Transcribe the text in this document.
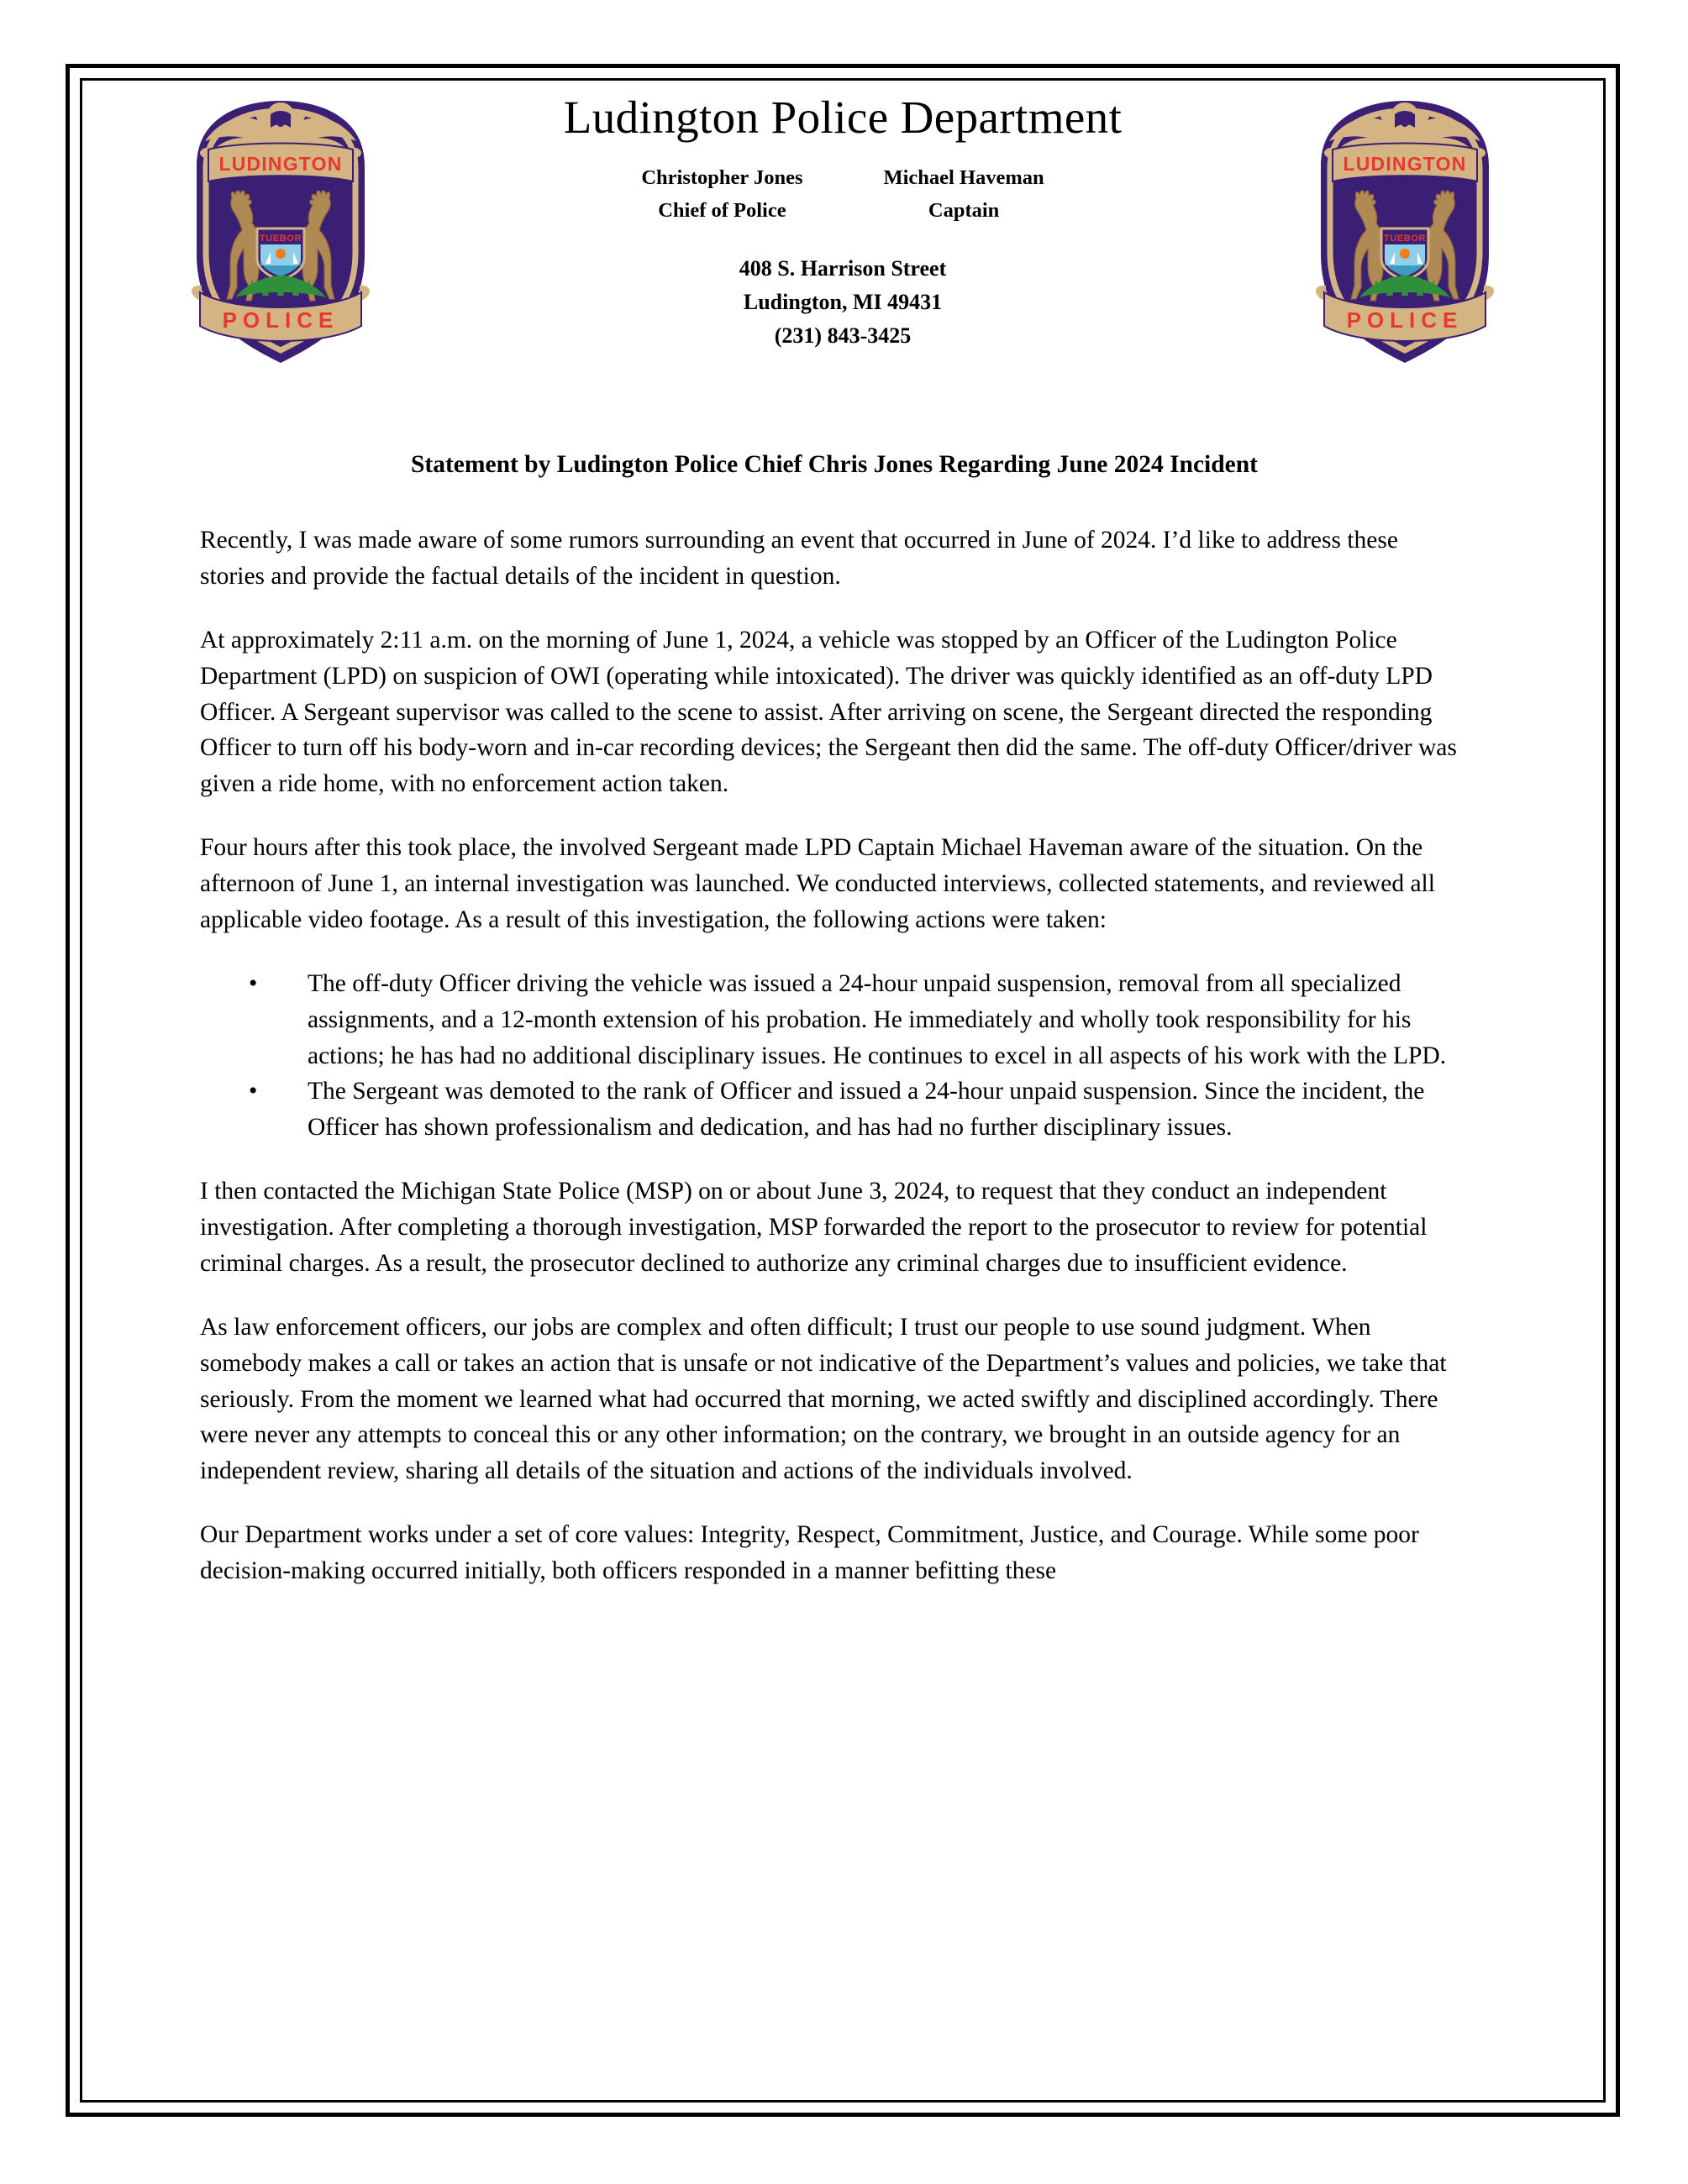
Ludington Police Department
Christopher Jones
Chief of Police
Michael Haveman
Captain
408 S. Harrison Street
Ludington, MI 49431
(231) 843-3425
Statement by Ludington Police Chief Chris Jones Regarding June 2024 Incident

Recently, I was made aware of some rumors surrounding an event that occurred in June of 2024. I’d like to address these stories and provide the factual details of the incident in question.

At approximately 2:11 a.m. on the morning of June 1, 2024, a vehicle was stopped by an Officer of the Ludington Police Department (LPD) on suspicion of OWI (operating while intoxicated). The driver was quickly identified as an off-duty LPD Officer. A Sergeant supervisor was called to the scene to assist. After arriving on scene, the Sergeant directed the responding Officer to turn off his body-worn and in-car recording devices; the Sergeant then did the same. The off-duty Officer/driver was given a ride home, with no enforcement action taken.

Four hours after this took place, the involved Sergeant made LPD Captain Michael Haveman aware of the situation. On the afternoon of June 1, an internal investigation was launched. We conducted interviews, collected statements, and reviewed all applicable video footage. As a result of this investigation, the following actions were taken:

• The off-duty Officer driving the vehicle was issued a 24-hour unpaid suspension, removal from all specialized assignments, and a 12-month extension of his probation. He immediately and wholly took responsibility for his actions; he has had no additional disciplinary issues. He continues to excel in all aspects of his work with the LPD.
• The Sergeant was demoted to the rank of Officer and issued a 24-hour unpaid suspension. Since the incident, the Officer has shown professionalism and dedication, and has had no further disciplinary issues.

I then contacted the Michigan State Police (MSP) on or about June 3, 2024, to request that they conduct an independent investigation. After completing a thorough investigation, MSP forwarded the report to the prosecutor to review for potential criminal charges. As a result, the prosecutor declined to authorize any criminal charges due to insufficient evidence.

As law enforcement officers, our jobs are complex and often difficult; I trust our people to use sound judgment. When somebody makes a call or takes an action that is unsafe or not indicative of the Department’s values and policies, we take that seriously. From the moment we learned what had occurred that morning, we acted swiftly and disciplined accordingly. There were never any attempts to conceal this or any other information; on the contrary, we brought in an outside agency for an independent review, sharing all details of the situation and actions of the individuals involved.

Our Department works under a set of core values: Integrity, Respect, Commitment, Justice, and Courage. While some poor decision-making occurred initially, both officers responded in a manner befitting these
